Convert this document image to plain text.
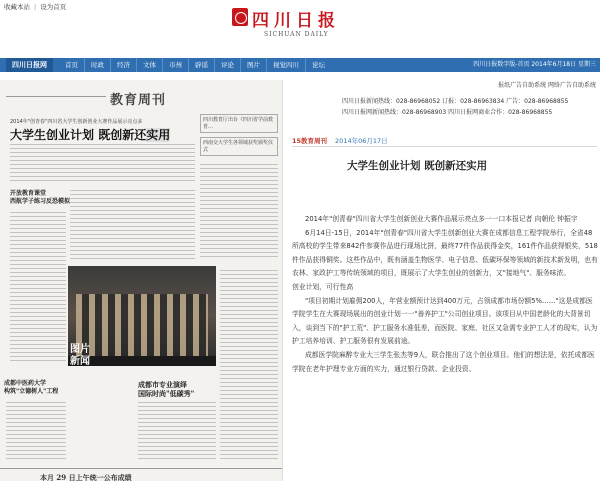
收藏本站 | 设为首页
四川日报
SICHUAN DAILY
四川日报网	首页	时政	经济	文体	市州	辟谣	评论	图片	视觉四川	论坛	四川日报数字版-首页 2014年6月18日 星期三
报纸广告自助系统 网络广告自助系统
四川日报新闻热线：028-86968052 订报：028-86963834 广告：028-86968855
四川日报网新闻热线：028-86968903 四川日报网商业合作：028-86968855
教育周刊
2014年"创青春"四川省大学生创新创业大赛作品展示亮点多
大学生创业计划 既创新还实用
四川教育厅出台《四川省学前教育…
西南交大学生各领域获奖颁奖仪式
开放教育课堂
西航学子练习反恐模拟
图片
新闻
成都市专业演绎
国际时尚"低碳秀"
成都中医药大学
构筑"立德树人"工程
本月 29 日上午统一公布成绩
15教育周刊 2014年06月17日
大学生创业计划 既创新还实用

2014年"创青春"四川省大学生创新创业大赛作品展示亮点多一一口本报记者 向朝伦 钟振宇

6月14日-15日，2014年"创青春"四川省大学生创新创业大赛在成都信息工程学院举行，全省48所高校的学生带来842件参赛作品进行现场比拼，最终77件作品获得金奖，161件作品获得银奖，518件作品获得铜奖。这些作品中，既有涵盖生物医学、电子信息、低碳环保等领域的新技术新发明，也有农林、家政护工等传统领域的项目，既展示了大学生创业的创新力，又"接地气"、服务味浓。

创业计划，可行性高

"项目初期计划雇佣200人，年营业额预计达到400万元，占领成都市场份额5%……"这是成都医学院学生在大赛现场展出的创业计划一一"善养护工"公司创业项目。该项目从中国老龄化的大背景切入，谈到当下的"护工荒"、护工服务水准低差，而医院、家庭、社区又急需专业护工人才的现实，认为护工培养培训、护工服务很有发展前途。

成都医学院麻醉专业大三学生张杰等9人，联合推出了这个创业项目。他们的想法是，依托成都医学院在老年护理专业方面的实力，通过银行贷款、企业投资、
